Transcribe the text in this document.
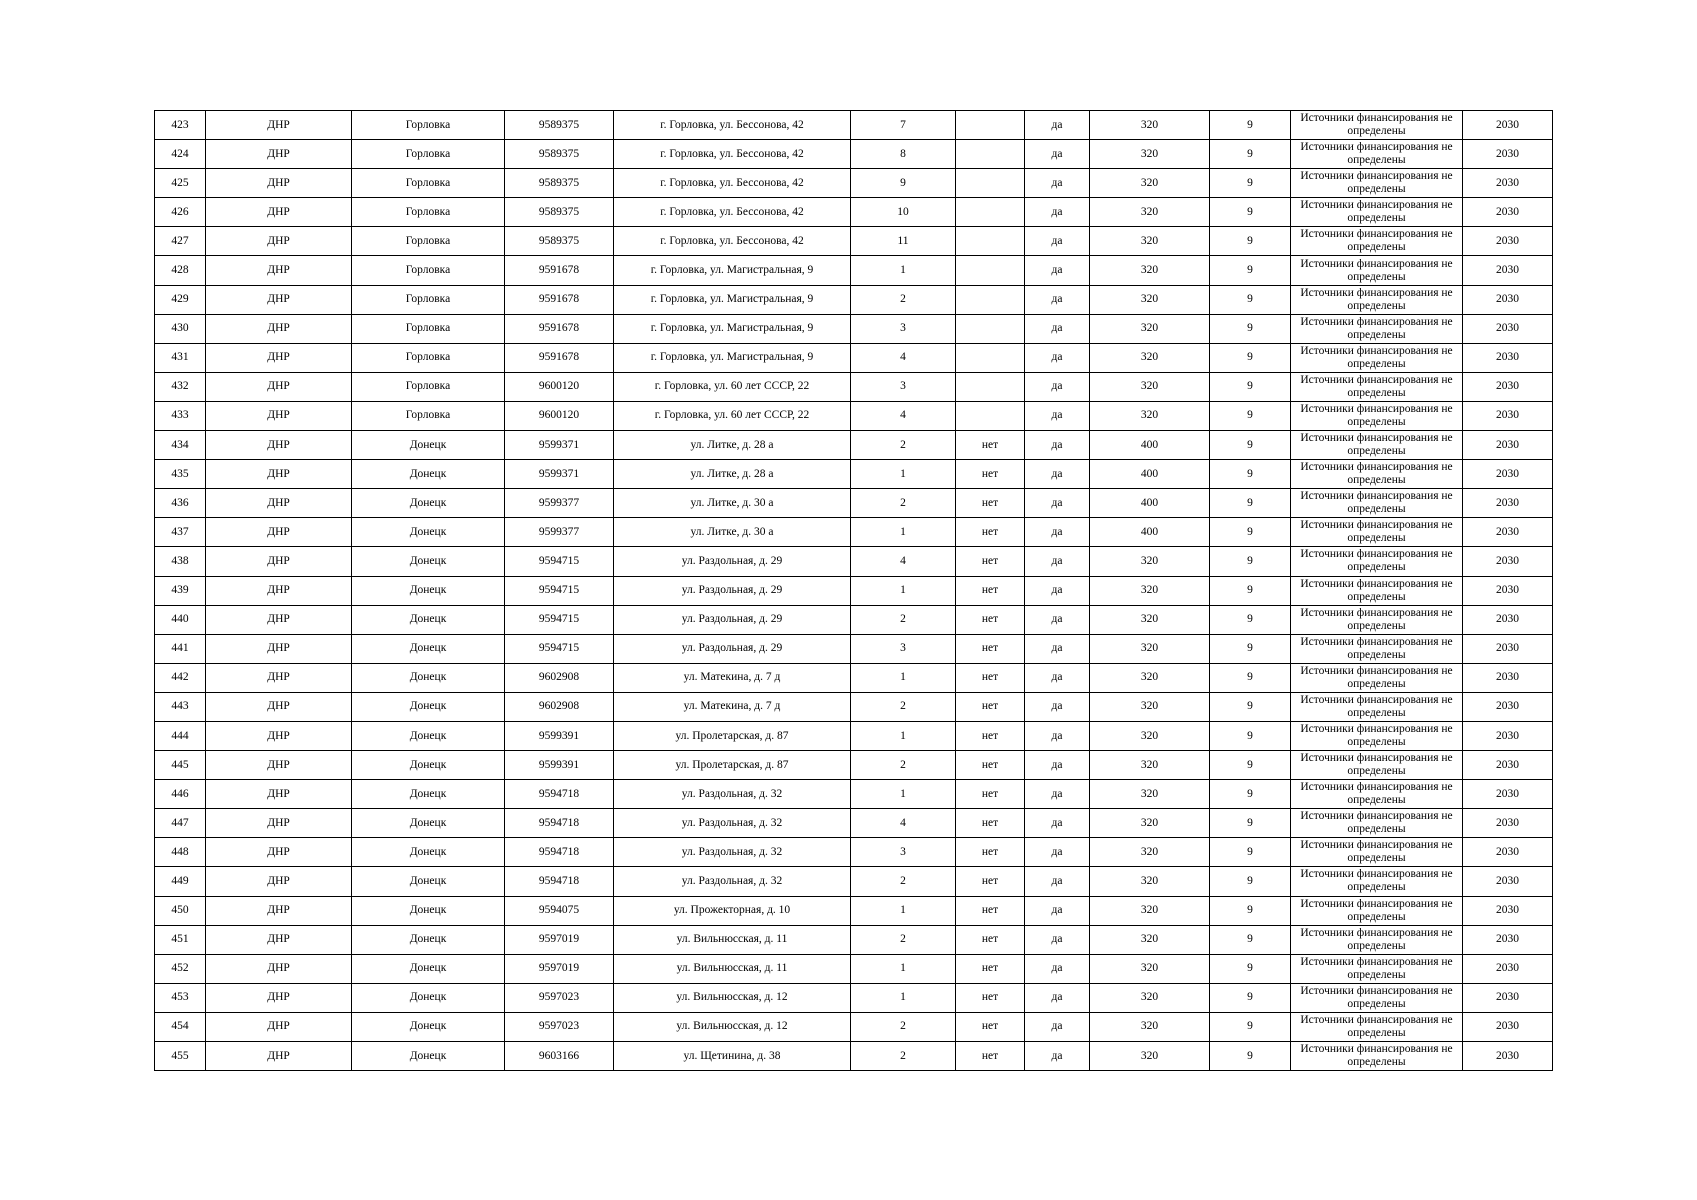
423	ДНР	Горловка	9589375	г. Горловка, ул. Бессонова, 42	7		да	320	9	Источники финансирования не определены	2030
424	ДНР	Горловка	9589375	г. Горловка, ул. Бессонова, 42	8		да	320	9	Источники финансирования не определены	2030
425	ДНР	Горловка	9589375	г. Горловка, ул. Бессонова, 42	9		да	320	9	Источники финансирования не определены	2030
426	ДНР	Горловка	9589375	г. Горловка, ул. Бессонова, 42	10		да	320	9	Источники финансирования не определены	2030
427	ДНР	Горловка	9589375	г. Горловка, ул. Бессонова, 42	11		да	320	9	Источники финансирования не определены	2030
428	ДНР	Горловка	9591678	г. Горловка, ул. Магистральная, 9	1		да	320	9	Источники финансирования не определены	2030
429	ДНР	Горловка	9591678	г. Горловка, ул. Магистральная, 9	2		да	320	9	Источники финансирования не определены	2030
430	ДНР	Горловка	9591678	г. Горловка, ул. Магистральная, 9	3		да	320	9	Источники финансирования не определены	2030
431	ДНР	Горловка	9591678	г. Горловка, ул. Магистральная, 9	4		да	320	9	Источники финансирования не определены	2030
432	ДНР	Горловка	9600120	г. Горловка, ул. 60 лет СССР, 22	3		да	320	9	Источники финансирования не определены	2030
433	ДНР	Горловка	9600120	г. Горловка, ул. 60 лет СССР, 22	4		да	320	9	Источники финансирования не определены	2030
434	ДНР	Донецк	9599371	ул. Литке, д. 28 а	2	нет	да	400	9	Источники финансирования не определены	2030
435	ДНР	Донецк	9599371	ул. Литке, д. 28 а	1	нет	да	400	9	Источники финансирования не определены	2030
436	ДНР	Донецк	9599377	ул. Литке, д. 30 а	2	нет	да	400	9	Источники финансирования не определены	2030
437	ДНР	Донецк	9599377	ул. Литке, д. 30 а	1	нет	да	400	9	Источники финансирования не определены	2030
438	ДНР	Донецк	9594715	ул. Раздольная, д. 29	4	нет	да	320	9	Источники финансирования не определены	2030
439	ДНР	Донецк	9594715	ул. Раздольная, д. 29	1	нет	да	320	9	Источники финансирования не определены	2030
440	ДНР	Донецк	9594715	ул. Раздольная, д. 29	2	нет	да	320	9	Источники финансирования не определены	2030
441	ДНР	Донецк	9594715	ул. Раздольная, д. 29	3	нет	да	320	9	Источники финансирования не определены	2030
442	ДНР	Донецк	9602908	ул. Матекина, д. 7 д	1	нет	да	320	9	Источники финансирования не определены	2030
443	ДНР	Донецк	9602908	ул. Матекина, д. 7 д	2	нет	да	320	9	Источники финансирования не определены	2030
444	ДНР	Донецк	9599391	ул. Пролетарская, д. 87	1	нет	да	320	9	Источники финансирования не определены	2030
445	ДНР	Донецк	9599391	ул. Пролетарская, д. 87	2	нет	да	320	9	Источники финансирования не определены	2030
446	ДНР	Донецк	9594718	ул. Раздольная, д. 32	1	нет	да	320	9	Источники финансирования не определены	2030
447	ДНР	Донецк	9594718	ул. Раздольная, д. 32	4	нет	да	320	9	Источники финансирования не определены	2030
448	ДНР	Донецк	9594718	ул. Раздольная, д. 32	3	нет	да	320	9	Источники финансирования не определены	2030
449	ДНР	Донецк	9594718	ул. Раздольная, д. 32	2	нет	да	320	9	Источники финансирования не определены	2030
450	ДНР	Донецк	9594075	ул. Прожекторная, д. 10	1	нет	да	320	9	Источники финансирования не определены	2030
451	ДНР	Донецк	9597019	ул. Вильнюсская, д. 11	2	нет	да	320	9	Источники финансирования не определены	2030
452	ДНР	Донецк	9597019	ул. Вильнюсская, д. 11	1	нет	да	320	9	Источники финансирования не определены	2030
453	ДНР	Донецк	9597023	ул. Вильнюсская, д. 12	1	нет	да	320	9	Источники финансирования не определены	2030
454	ДНР	Донецк	9597023	ул. Вильнюсская, д. 12	2	нет	да	320	9	Источники финансирования не определены	2030
455	ДНР	Донецк	9603166	ул. Щетинина, д. 38	2	нет	да	320	9	Источники финансирования не определены	2030
